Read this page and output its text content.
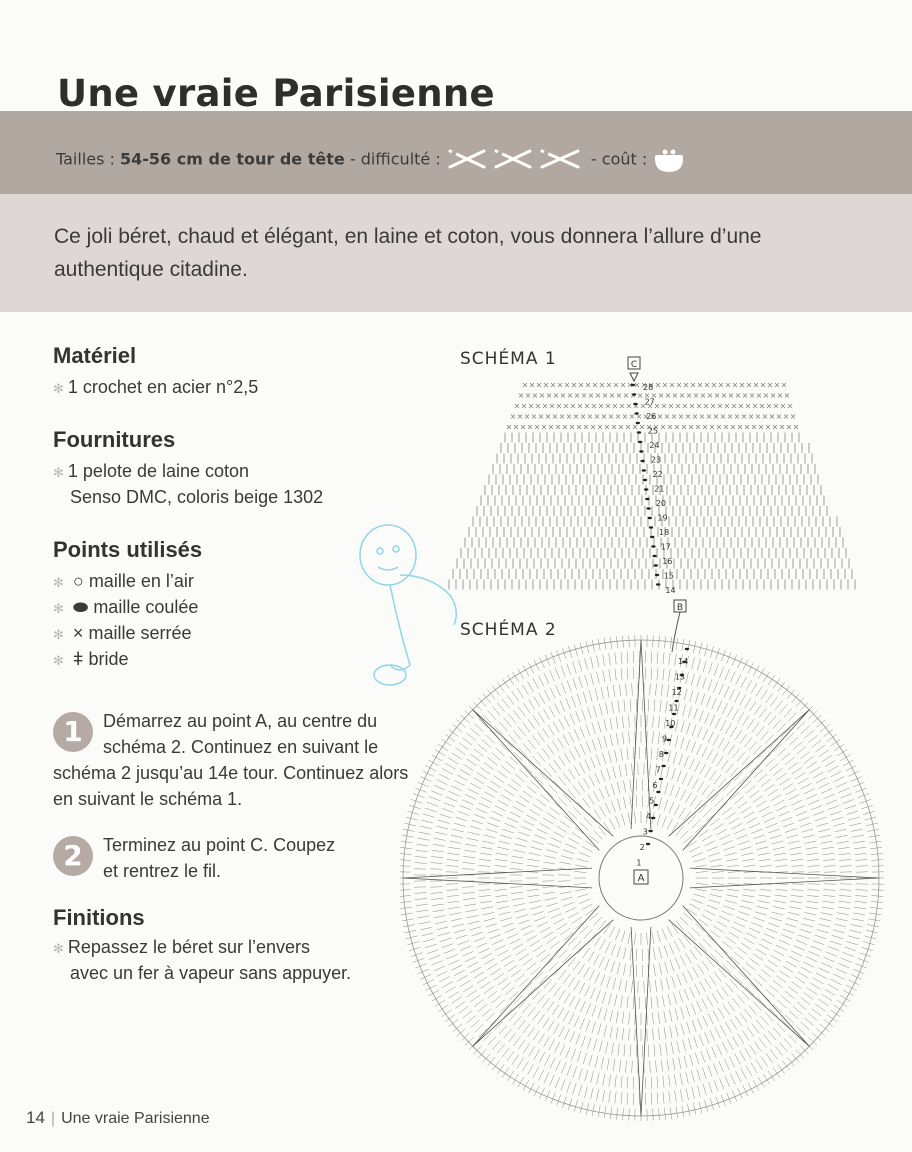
Une vraie Parisienne
Tailles : 54-56 cm de tour de tête - difficulté :	- coût :

Ce joli béret, chaud et élégant, en laine et coton, vous donnera l’allure d’une authentique citadine.

Matériel
✻ 1 crochet en acier n°2,5
Fournitures
✻ 1 pelote de laine coton
Senso DMC, coloris beige 1302
Points utilisés
✻ ○ maille en l’air
✻ ⬬ maille coulée
✻ × maille serrée
✻ ǂ bride
1	Démarrez au point A, au centre du schéma 2. Continuez en suivant le schéma 2 jusqu’au 14e tour. Continuez alors en suivant le schéma 1.
2	Terminez au point C. Coupez et rentrez le fil.
Finitions
✻ Repassez le béret sur l’envers
avec un fer à vapeur sans appuyer.
SCHÉMA 1	C
28
27
26
25
24
23
22
21
20
19
18
17
16
15
14
B
SCHÉMA 2
14
13
12
11
10
9
8
7
6
5
4
3
2
1
A
14 | Une vraie Parisienne
